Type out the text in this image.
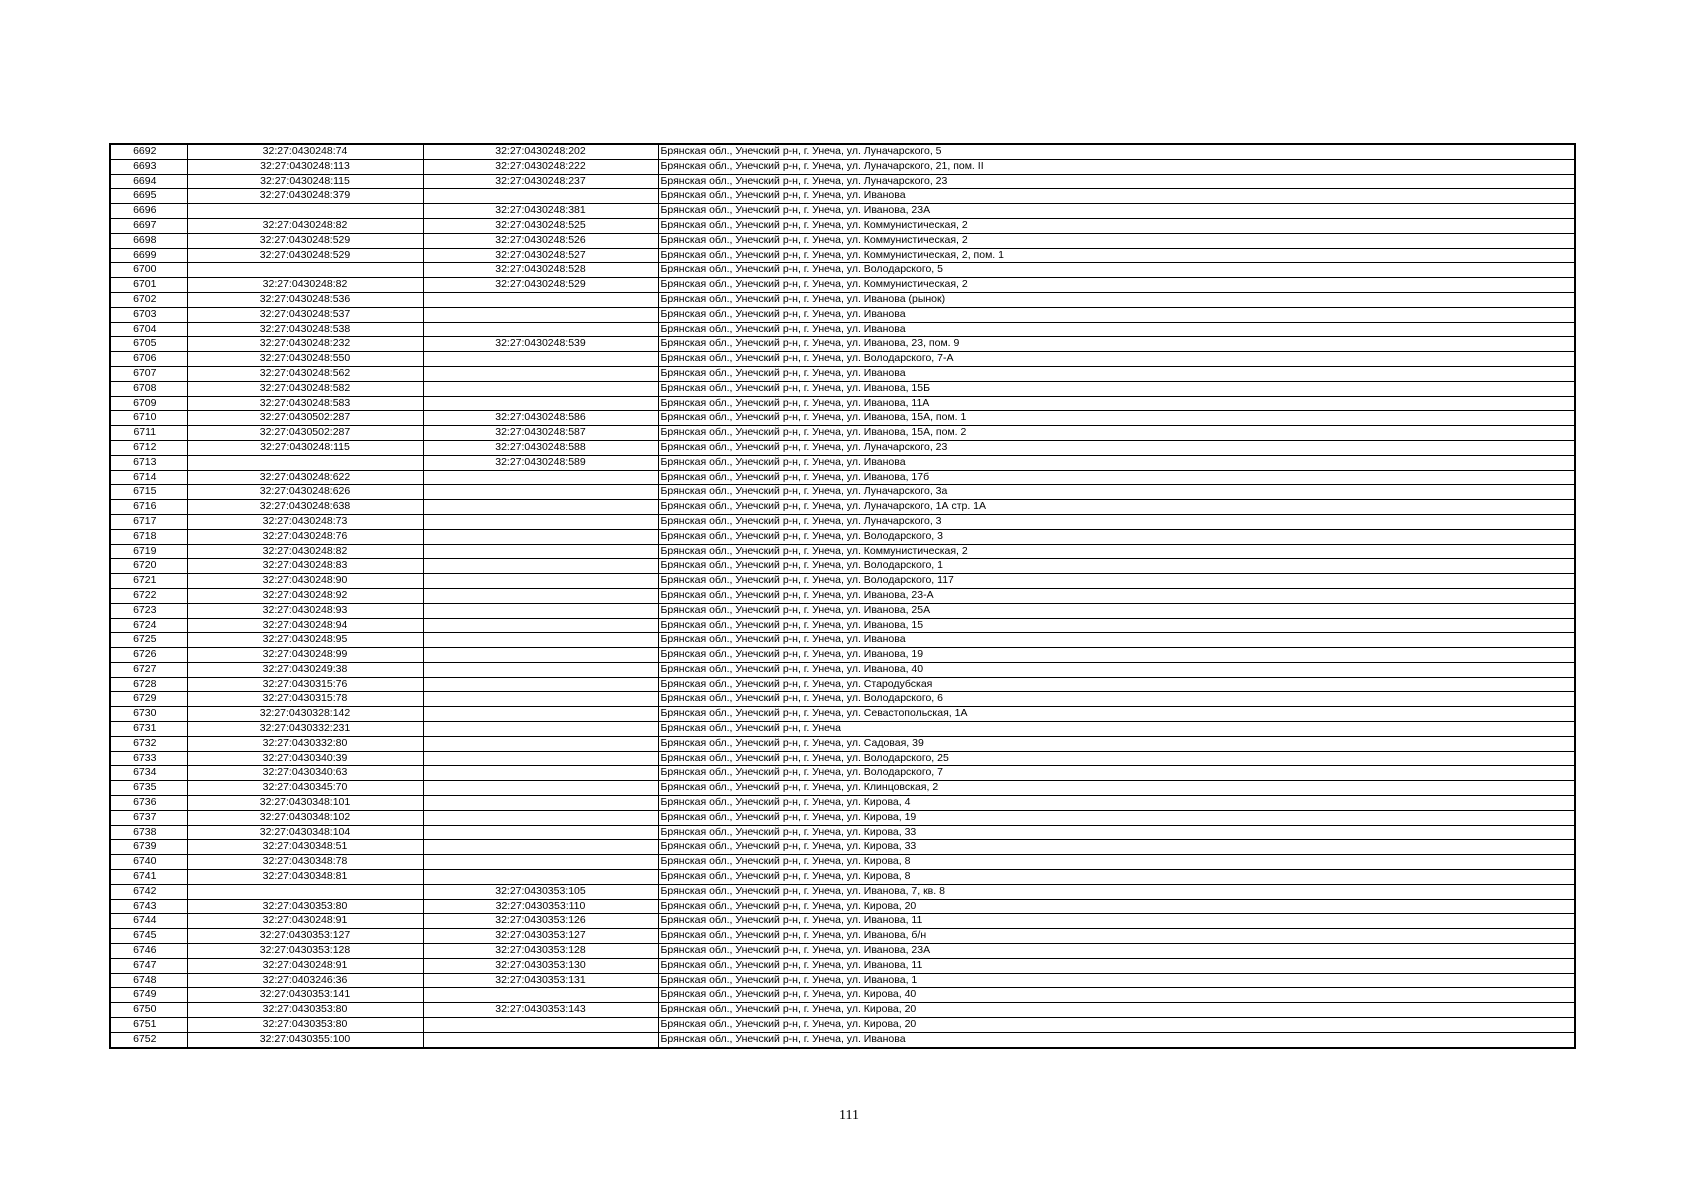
6692	32:27:0430248:74	32:27:0430248:202	Брянская обл., Унечский р-н, г. Унеча, ул. Луначарского, 5
6693	32:27:0430248:113	32:27:0430248:222	Брянская обл., Унечский р-н, г. Унеча, ул. Луначарского, 21, пом. II
6694	32:27:0430248:115	32:27:0430248:237	Брянская обл., Унечский р-н, г. Унеча, ул. Луначарского, 23
6695	32:27:0430248:379		Брянская обл., Унечский р-н, г. Унеча, ул. Иванова
6696		32:27:0430248:381	Брянская обл., Унечский р-н, г. Унеча, ул. Иванова, 23А
6697	32:27:0430248:82	32:27:0430248:525	Брянская обл., Унечский р-н, г. Унеча, ул. Коммунистическая, 2
6698	32:27:0430248:529	32:27:0430248:526	Брянская обл., Унечский р-н, г. Унеча, ул. Коммунистическая, 2
6699	32:27:0430248:529	32:27:0430248:527	Брянская обл., Унечский р-н, г. Унеча, ул. Коммунистическая, 2, пом. 1
6700		32:27:0430248:528	Брянская обл., Унечский р-н, г. Унеча, ул. Володарского, 5
6701	32:27:0430248:82	32:27:0430248:529	Брянская обл., Унечский р-н, г. Унеча, ул. Коммунистическая, 2
6702	32:27:0430248:536		Брянская обл., Унечский р-н, г. Унеча, ул. Иванова (рынок)
6703	32:27:0430248:537		Брянская обл., Унечский р-н, г. Унеча, ул. Иванова
6704	32:27:0430248:538		Брянская обл., Унечский р-н, г. Унеча, ул. Иванова
6705	32:27:0430248:232	32:27:0430248:539	Брянская обл., Унечский р-н, г. Унеча, ул. Иванова, 23, пом. 9
6706	32:27:0430248:550		Брянская обл., Унечский р-н, г. Унеча, ул. Володарского, 7-А
6707	32:27:0430248:562		Брянская обл., Унечский р-н, г. Унеча, ул. Иванова
6708	32:27:0430248:582		Брянская обл., Унечский р-н, г. Унеча, ул. Иванова, 15Б
6709	32:27:0430248:583		Брянская обл., Унечский р-н, г. Унеча, ул. Иванова, 11А
6710	32:27:0430502:287	32:27:0430248:586	Брянская обл., Унечский р-н, г. Унеча, ул. Иванова, 15А, пом. 1
6711	32:27:0430502:287	32:27:0430248:587	Брянская обл., Унечский р-н, г. Унеча, ул. Иванова, 15А, пом. 2
6712	32:27:0430248:115	32:27:0430248:588	Брянская обл., Унечский р-н, г. Унеча, ул. Луначарского, 23
6713		32:27:0430248:589	Брянская обл., Унечский р-н, г. Унеча, ул. Иванова
6714	32:27:0430248:622		Брянская обл., Унечский р-н, г. Унеча, ул. Иванова, 17б
6715	32:27:0430248:626		Брянская обл., Унечский р-н, г. Унеча, ул. Луначарского, 3а
6716	32:27:0430248:638		Брянская обл., Унечский р-н, г. Унеча, ул. Луначарского, 1А стр. 1А
6717	32:27:0430248:73		Брянская обл., Унечский р-н, г. Унеча, ул. Луначарского, 3
6718	32:27:0430248:76		Брянская обл., Унечский р-н, г. Унеча, ул. Володарского, 3
6719	32:27:0430248:82		Брянская обл., Унечский р-н, г. Унеча, ул. Коммунистическая, 2
6720	32:27:0430248:83		Брянская обл., Унечский р-н, г. Унеча, ул. Володарского, 1
6721	32:27:0430248:90		Брянская обл., Унечский р-н, г. Унеча, ул. Володарского, 117
6722	32:27:0430248:92		Брянская обл., Унечский р-н, г. Унеча, ул. Иванова, 23-А
6723	32:27:0430248:93		Брянская обл., Унечский р-н, г. Унеча, ул. Иванова, 25А
6724	32:27:0430248:94		Брянская обл., Унечский р-н, г. Унеча, ул. Иванова, 15
6725	32:27:0430248:95		Брянская обл., Унечский р-н, г. Унеча, ул. Иванова
6726	32:27:0430248:99		Брянская обл., Унечский р-н, г. Унеча, ул. Иванова, 19
6727	32:27:0430249:38		Брянская обл., Унечский р-н, г. Унеча, ул. Иванова, 40
6728	32:27:0430315:76		Брянская обл., Унечский р-н, г. Унеча, ул. Стародубская
6729	32:27:0430315:78		Брянская обл., Унечский р-н, г. Унеча, ул. Володарского, 6
6730	32:27:0430328:142		Брянская обл., Унечский р-н, г. Унеча, ул. Севастопольская, 1А
6731	32:27:0430332:231		Брянская обл., Унечский р-н, г. Унеча
6732	32:27:0430332:80		Брянская обл., Унечский р-н, г. Унеча, ул. Садовая, 39
6733	32:27:0430340:39		Брянская обл., Унечский р-н, г. Унеча, ул. Володарского, 25
6734	32:27:0430340:63		Брянская обл., Унечский р-н, г. Унеча, ул. Володарского, 7
6735	32:27:0430345:70		Брянская обл., Унечский р-н, г. Унеча, ул. Клинцовская, 2
6736	32:27:0430348:101		Брянская обл., Унечский р-н, г. Унеча, ул. Кирова, 4
6737	32:27:0430348:102		Брянская обл., Унечский р-н, г. Унеча, ул. Кирова, 19
6738	32:27:0430348:104		Брянская обл., Унечский р-н, г. Унеча, ул. Кирова, 33
6739	32:27:0430348:51		Брянская обл., Унечский р-н, г. Унеча, ул. Кирова, 33
6740	32:27:0430348:78		Брянская обл., Унечский р-н, г. Унеча, ул. Кирова, 8
6741	32:27:0430348:81		Брянская обл., Унечский р-н, г. Унеча, ул. Кирова, 8
6742		32:27:0430353:105	Брянская обл., Унечский р-н, г. Унеча, ул. Иванова, 7, кв. 8
6743	32:27:0430353:80	32:27:0430353:110	Брянская обл., Унечский р-н, г. Унеча, ул. Кирова, 20
6744	32:27:0430248:91	32:27:0430353:126	Брянская обл., Унечский р-н, г. Унеча, ул. Иванова, 11
6745	32:27:0430353:127	32:27:0430353:127	Брянская обл., Унечский р-н, г. Унеча, ул. Иванова, б/н
6746	32:27:0430353:128	32:27:0430353:128	Брянская обл., Унечский р-н, г. Унеча, ул. Иванова, 23А
6747	32:27:0430248:91	32:27:0430353:130	Брянская обл., Унечский р-н, г. Унеча, ул. Иванова, 11
6748	32:27:0403246:36	32:27:0430353:131	Брянская обл., Унечский р-н, г. Унеча, ул. Иванова, 1
6749	32:27:0430353:141		Брянская обл., Унечский р-н, г. Унеча, ул. Кирова, 40
6750	32:27:0430353:80	32:27:0430353:143	Брянская обл., Унечский р-н, г. Унеча, ул. Кирова, 20
6751	32:27:0430353:80		Брянская обл., Унечский р-н, г. Унеча, ул. Кирова, 20
6752	32:27:0430355:100		Брянская обл., Унечский р-н, г. Унеча, ул. Иванова
111
